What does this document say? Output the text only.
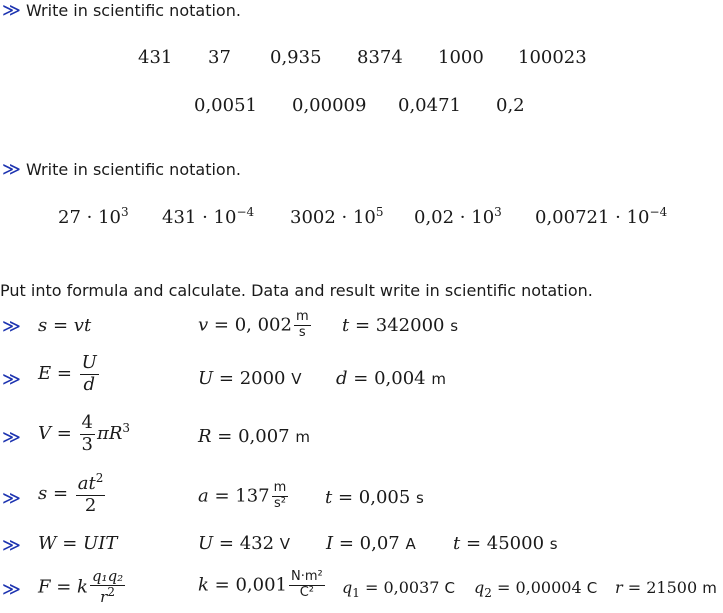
≫ Write in scientific notation.
431 37 0,935 8374 1000 100023
0,0051 0,00009 0,0471 0,2
≫ Write in scientific notation.
$27 \cdot 10^3$ $431 \cdot 10^{-4}$ $3002 \cdot 10^5$ $0,02 \cdot 10^3$ $0,00721 \cdot 10^{-4}$
Put into formula and calculate. Data and result write in scientific notation.
≫ s = vt	v = 0, $002 \frac{m}{s}$ t = 342000 s
≫ $E = \frac{U}{d}$	U = 2000 V d = 0,004 m
≫ $V = \frac{4}{3} \pi R^3$	R = 0,007 m
≫ $s = \frac{at^2}{2}$	$a = 137 \frac{m}{\text{s²}}$ t = 0,005 s
≫ W = UIT	U = 432 V I = 0,07 A t = 45000 s
≫ F = k $\frac{\text{q₁q₂}}{r^2}$	$k = 0,001 \frac{\text{N·m²}}{\text{C²}} q_1 = 0,0037$ C $q_2 = 0,00004$ C r = 21500 m
